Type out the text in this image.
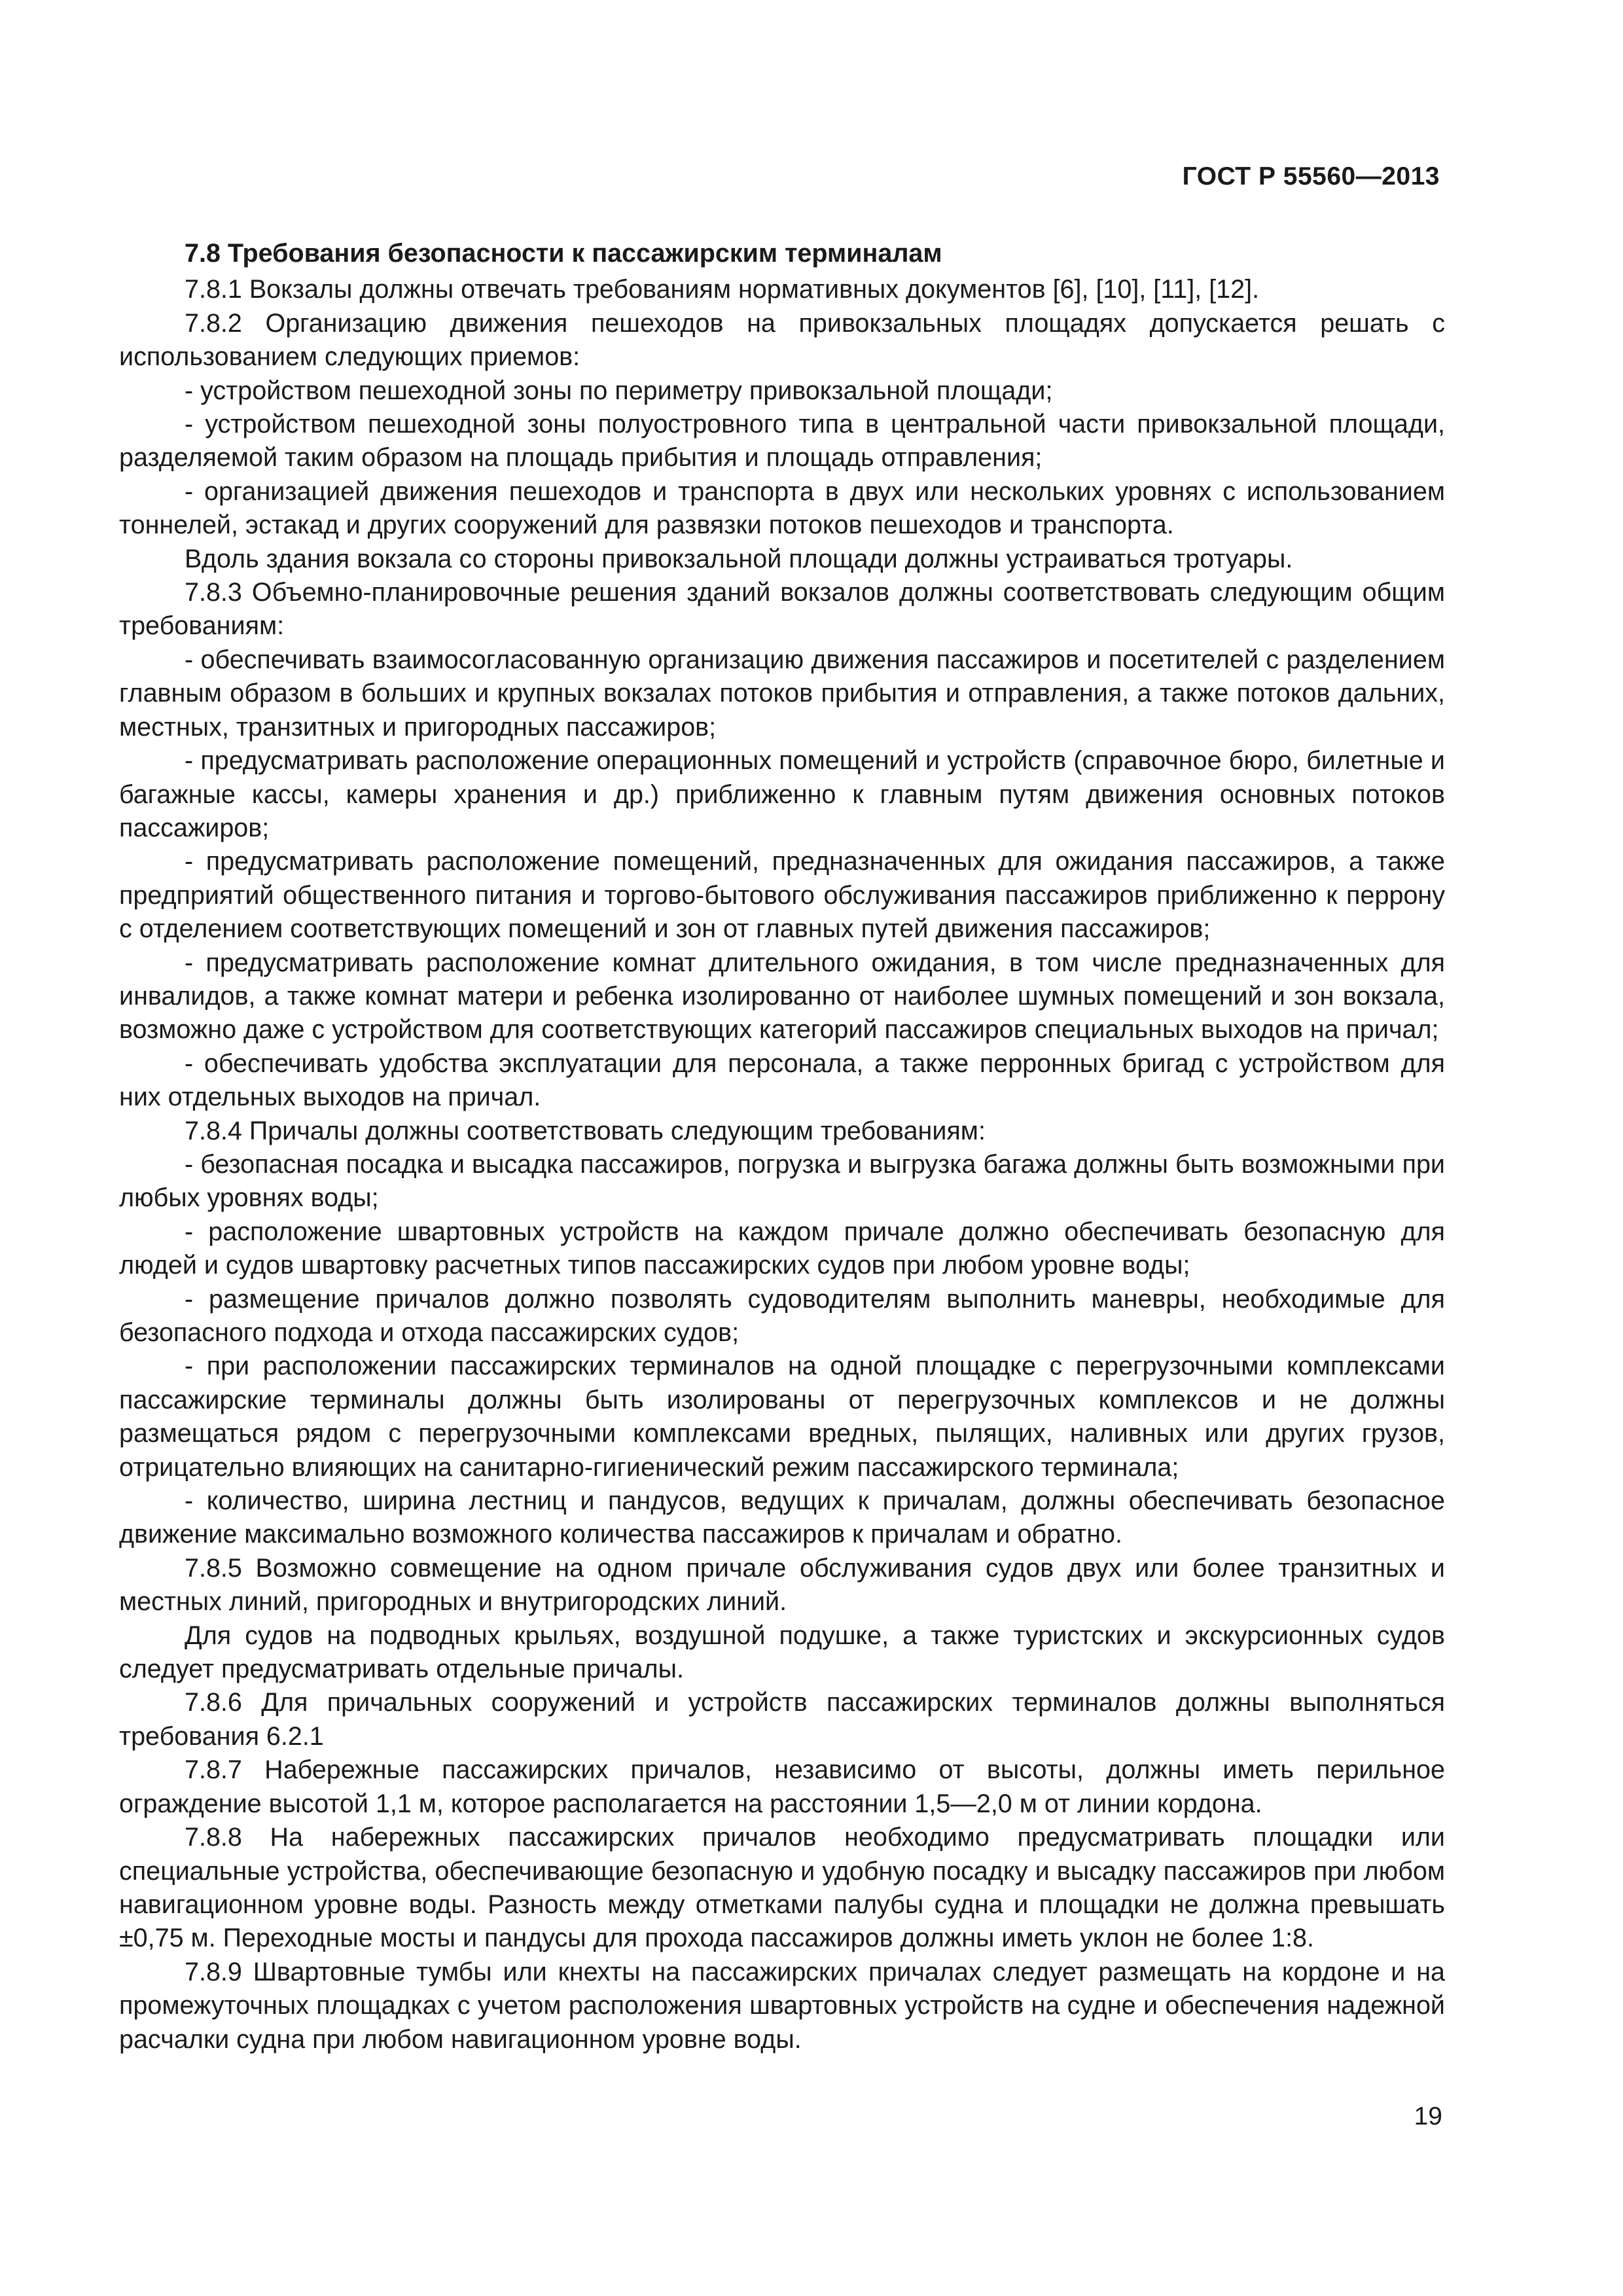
ГОСТ Р 55560—2013

7.8 Требования безопасности к пассажирским терминалам

7.8.1 Вокзалы должны отвечать требованиям нормативных документов [6], [10], [11], [12].

7.8.2 Организацию движения пешеходов на привокзальных площадях допускается решать с использованием следующих приемов:

- устройством пешеходной зоны по периметру привокзальной площади;

- устройством пешеходной зоны полуостровного типа в центральной части привокзальной площади, разделяемой таким образом на площадь прибытия и площадь отправления;

- организацией движения пешеходов и транспорта в двух или нескольких уровнях с использованием тоннелей, эстакад и других сооружений для развязки потоков пешеходов и транспорта.

Вдоль здания вокзала со стороны привокзальной площади должны устраиваться тротуары.

7.8.3 Объемно-планировочные решения зданий вокзалов должны соответствовать следующим общим требованиям:

- обеспечивать взаимосогласованную организацию движения пассажиров и посетителей с разделением главным образом в больших и крупных вокзалах потоков прибытия и отправления, а также потоков дальних, местных, транзитных и пригородных пассажиров;

- предусматривать расположение операционных помещений и устройств (справочное бюро, билетные и багажные кассы, камеры хранения и др.) приближенно к главным путям движения основных потоков пассажиров;

- предусматривать расположение помещений, предназначенных для ожидания пассажиров, а также предприятий общественного питания и торгово-бытового обслуживания пассажиров приближенно к перрону с отделением соответствующих помещений и зон от главных путей движения пассажиров;

- предусматривать расположение комнат длительного ожидания, в том числе предназначенных для инвалидов, а также комнат матери и ребенка изолированно от наиболее шумных помещений и зон вокзала, возможно даже с устройством для соответствующих категорий пассажиров специальных выходов на причал;

- обеспечивать удобства эксплуатации для персонала, а также перронных бригад с устройством для них отдельных выходов на причал.

7.8.4 Причалы должны соответствовать следующим требованиям:

- безопасная посадка и высадка пассажиров, погрузка и выгрузка багажа должны быть возможными при любых уровнях воды;

- расположение швартовных устройств на каждом причале должно обеспечивать безопасную для людей и судов швартовку расчетных типов пассажирских судов при любом уровне воды;

- размещение причалов должно позволять судоводителям выполнить маневры, необходимые для безопасного подхода и отхода пассажирских судов;

- при расположении пассажирских терминалов на одной площадке с перегрузочными комплексами пассажирские терминалы должны быть изолированы от перегрузочных комплексов и не должны размещаться рядом с перегрузочными комплексами вредных, пылящих, наливных или других грузов, отрицательно влияющих на санитарно-гигиенический режим пассажирского терминала;

- количество, ширина лестниц и пандусов, ведущих к причалам, должны обеспечивать безопасное движение максимально возможного количества пассажиров к причалам и обратно.

7.8.5 Возможно совмещение на одном причале обслуживания судов двух или более транзитных и местных линий, пригородных и внутригородских линий.

Для судов на подводных крыльях, воздушной подушке, а также туристских и экскурсионных судов следует предусматривать отдельные причалы.

7.8.6 Для причальных сооружений и устройств пассажирских терминалов должны выполняться требования 6.2.1

7.8.7 Набережные пассажирских причалов, независимо от высоты, должны иметь перильное ограждение высотой 1,1 м, которое располагается на расстоянии 1,5—2,0 м от линии кордона.

7.8.8 На набережных пассажирских причалов необходимо предусматривать площадки или специальные устройства, обеспечивающие безопасную и удобную посадку и высадку пассажиров при любом навигационном уровне воды. Разность между отметками палубы судна и площадки не должна превышать ±0,75 м. Переходные мосты и пандусы для прохода пассажиров должны иметь уклон не более 1:8.

7.8.9 Швартовные тумбы или кнехты на пассажирских причалах следует размещать на кордоне и на промежуточных площадках с учетом расположения швартовных устройств на судне и обеспечения надежной расчалки судна при любом навигационном уровне воды.

19
